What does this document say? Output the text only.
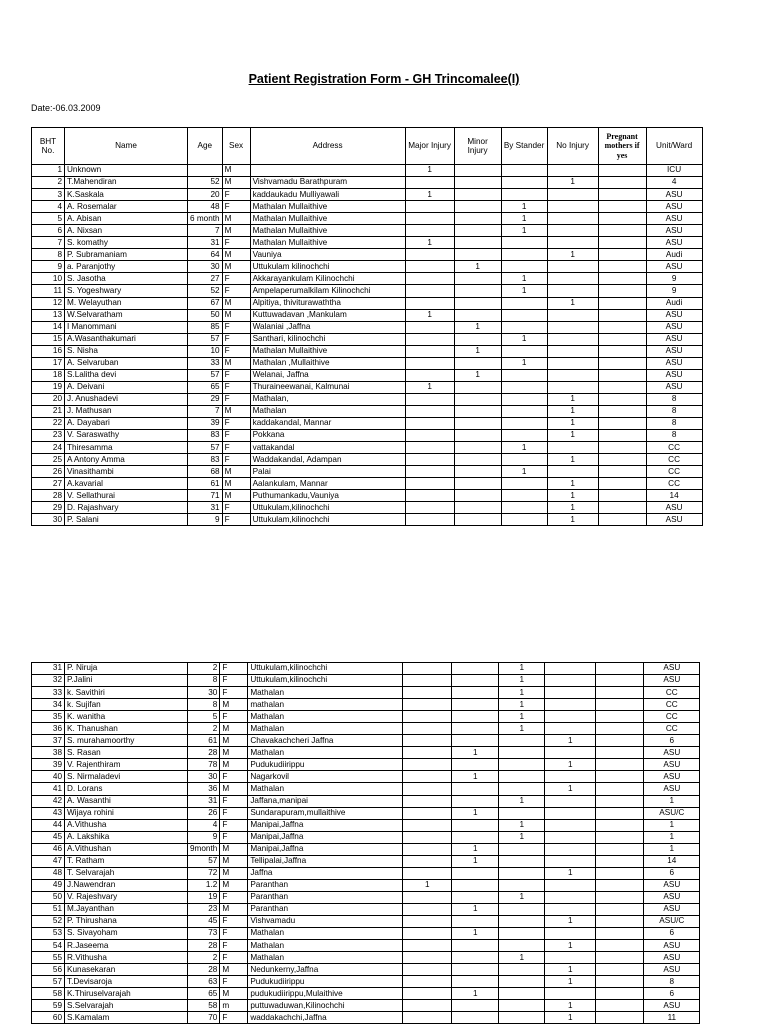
Patient Registration Form - GH Trincomalee(I)
Date:-06.03.2009
BHT No.	Name	Age	Sex	Address	Major Injury	Minor Injury	By Stander	No Injury	Pregnant mothers if yes	Unit/Ward
1	Unknown		M		1					ICU
2	T.Mahendiran	52	M	Vishvamadu Barathpuram				1		4
3	K.Saskala	20	F	kaddaukadu Mulliyawali	1					ASU
4	A. Rosemalar	48	F	Mathalan Mullaithive			1			ASU
5	A. Abisan	6 month	M	Mathalan Mullaithive			1			ASU
6	A. Nixsan	7	M	Mathalan Mullaithive			1			ASU
7	S. komathy	31	F	Mathalan Mullaithive	1					ASU
8	P. Subramaniam	64	M	Vauniya				1		Audi
9	a. Paranjothy	30	M	Uttukulam kilinochchi		1				ASU
10	S. Jasotha	27	F	Akkarayankulam Kilinochchi			1			9
11	S. Yogeshwary	52	F	Ampelaperumalkilam Kilinochchi			1			9
12	M. Welayuthan	67	M	Alpitiya, thiviturawaththa				1		Audi
13	W.Selvaratham	50	M	Kuttuwadavan ,Mankulam	1					ASU
14	I Manommani	85	F	Walaniai ,Jaffna		1				ASU
15	A.Wasanthakumari	57	F	Santhari, kilinochchi			1			ASU
16	S. Nisha	10	F	Mathalan Mullaithive		1				ASU
17	A. Selvaruban	33	M	Mathalan ,Mullaithive			1			ASU
18	S.Lalitha devi	57	F	Welanai, Jaffna		1				ASU
19	A. Deivani	65	F	Thuraineewanai, Kalmunai	1					ASU
20	J. Anushadevi	29	F	Mathalan,				1		8
21	J. Mathusan	7	M	Mathalan				1		8
22	A. Dayabari	39	F	kaddakandal, Mannar				1		8
23	V. Saraswathy	83	F	Pokkana				1		8
24	Thiresamma	57	F	vattakandal			1			CC
25	A Antony Amma	83	F	Waddakandal, Adampan				1		CC
26	Vinasithambi	68	M	Palai			1			CC
27	A.kavarial	61	M	Aalankulam, Mannar				1		CC
28	V. Sellathurai	71	M	Puthumankadu,Vauniya				1		14
29	D. Rajashvary	31	F	Uttukulam,kilinochchi				1		ASU
30	P. Salani	9	F	Uttukulam,kilinochchi				1		ASU
31	P. Niruja	2	F	Uttukulam,kilinochchi			1			ASU
32	P.Jalini	8	F	Uttukulam,kilinochchi			1			ASU
33	k. Savithiri	30	F	Mathalan			1			CC
34	k. Sujifan	8	M	mathalan			1			CC
35	K. wanitha	5	F	Mathalan			1			CC
36	K. Thanushan	2	M	Mathalan			1			CC
37	S. murahamoorthy	61	M	Chavakachcheri Jaffna				1		6
38	S. Rasan	28	M	Mathalan		1				ASU
39	V. Rajenthiram	78	M	Pudukudiirippu				1		ASU
40	S. Nirmaladevi	30	F	Nagarkovil		1				ASU
41	D. Lorans	36	M	Mathalan				1		ASU
42	A. Wasanthi	31	F	Jaffana,manipai			1			1
43	Wijaya rohini	26	F	Sundarapuram,mullaithive		1				ASU/C
44	A.Vithusha	4	F	Manipai,Jaffna			1			1
45	A. Lakshika	9	F	Manipai,Jaffna			1			1
46	A.Vithushan	9month	M	Manipai,Jaffna		1				1
47	T. Ratham	57	M	Tellipalai,Jaffna		1				14
48	T. Selvarajah	72	M	Jaffna				1		6
49	J.Nawendran	1.2	M	Paranthan	1					ASU
50	V. Rajeshvary	19	F	Paranthan			1			ASU
51	M.Jayanthan	23	M	Paranthan		1				ASU
52	P. Thirushana	45	F	Vishvamadu				1		ASU/C
53	S. Sivayoham	73	F	Mathalan		1				6
54	R.Jaseema	28	F	Mathalan				1		ASU
55	R.Vithusha	2	F	Mathalan			1			ASU
56	Kunasekaran	28	M	Nedunkerny,Jaffna				1		ASU
57	T.Devisaroja	63	F	Pudukudiirippu				1		8
58	K.Thiruselvarajah	65	M	pudukudiirippu,Mulaithive		1				6
59	S.Selvarajah	58	m	puttuwaduwan,Kilinochchi				1		ASU
60	S.Kamalam	70	F	waddakachchi,Jaffna				1		11
